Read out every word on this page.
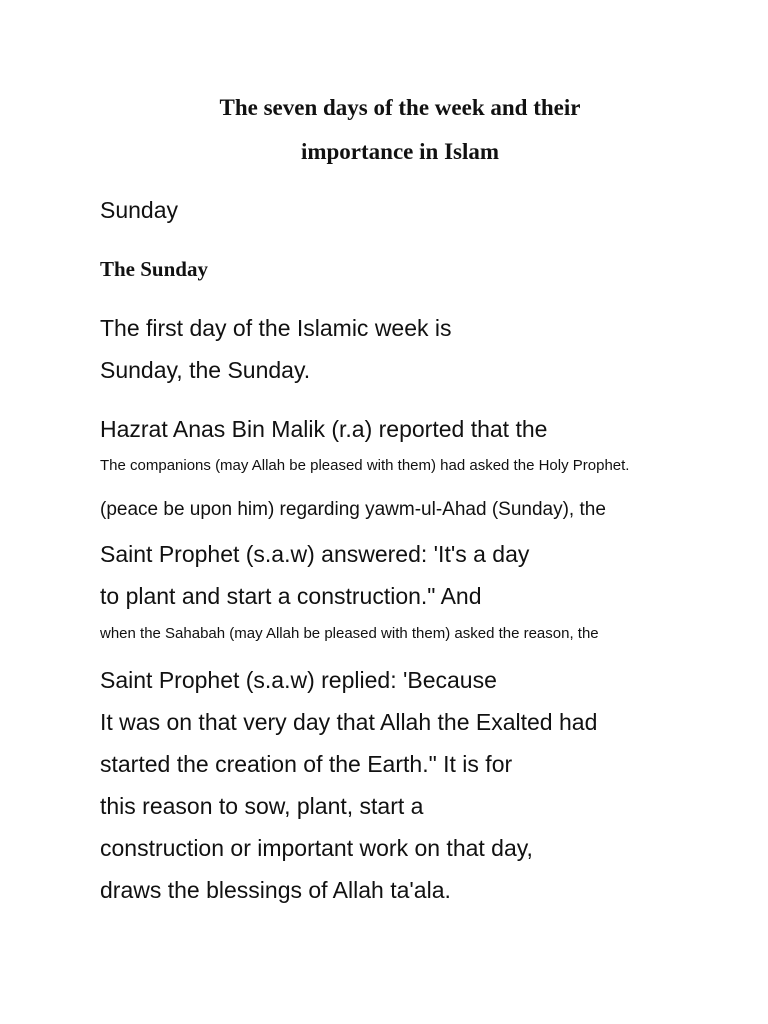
The seven days of the week and their
importance in Islam

Sunday

The Sunday

The first day of the Islamic week is

Sunday, the Sunday.

Hazrat Anas Bin Malik (r.a) reported that the

The companions (may Allah be pleased with them) had asked the Holy Prophet.

(peace be upon him) regarding yawm-ul-Ahad (Sunday), the

Saint Prophet (s.a.w) answered: 'It's a day

to plant and start a construction." And

when the Sahabah (may Allah be pleased with them) asked the reason, the

Saint Prophet (s.a.w) replied: 'Because

It was on that very day that Allah the Exalted had

started the creation of the Earth." It is for

this reason to sow, plant, start a

construction or important work on that day,

draws the blessings of Allah ta'ala.
